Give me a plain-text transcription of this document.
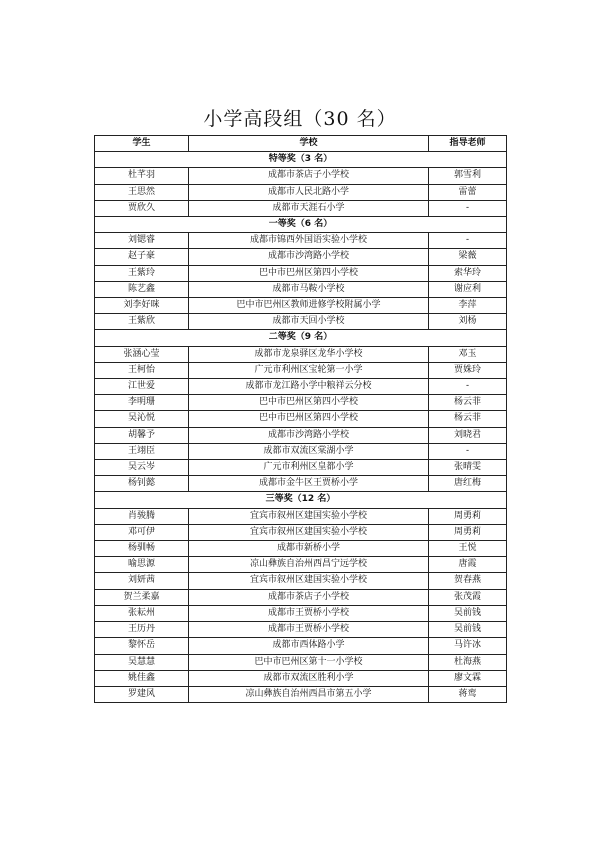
小学高段组（30 名）
学生	学校	指导老师
特等奖（3 名）		
杜芊羽	成都市茶店子小学校	郭雪利
王思然	成都市人民北路小学	雷蕾
贾欣久	成都市天涯石小学	-
一等奖（6 名）		
刘锶睿	成都市锦西外国语实验小学校	-
赵子豪	成都市沙湾路小学校	梁薇
王紫玲	巴中市巴州区第四小学校	索华玲
陈艺鑫	成都市马鞍小学校	谢应利
刘李好咪	巴中市巴州区教师进修学校附属小学	李萍
王紫欣	成都市天回小学校	刘杨
二等奖（9 名）		
张涵心莹	成都市龙泉驿区龙华小学校	邓玉
王柯怡	广元市利州区宝轮第一小学	贾姝玲
江世爱	成都市龙江路小学中粮祥云分校	-
李明珊	巴中市巴州区第四小学校	杨云菲
吴沁悦	巴中市巴州区第四小学校	杨云菲
胡馨予	成都市沙湾路小学校	刘晓君
王翊臣	成都市双流区棠湖小学	-
吴云岑	广元市利州区皇都小学	张晴雯
杨钊懿	成都市金牛区王贾桥小学	唐红梅
三等奖（12 名）		
肖骏腾	宜宾市叙州区建国实验小学校	周勇莉
邓可伊	宜宾市叙州区建国实验小学校	周勇莉
杨驯畅	成都市新桥小学	王悦
喻思源	凉山彝族自治州西昌宁远学校	唐霞
刘妍茜	宜宾市叙州区建国实验小学校	贺春燕
贺兰柔嘉	成都市茶店子小学校	张茂霞
张耘州	成都市王贾桥小学校	吴前钱
王历丹	成都市王贾桥小学校	吴前钱
黎怀岳	成都市西体路小学	马许冰
吴慧慧	巴中市巴州区第十一小学校	杜海燕
姚佳鑫	成都市双流区胜利小学	廖文霖
罗建风	凉山彝族自治州西昌市第五小学	蒋鸾
